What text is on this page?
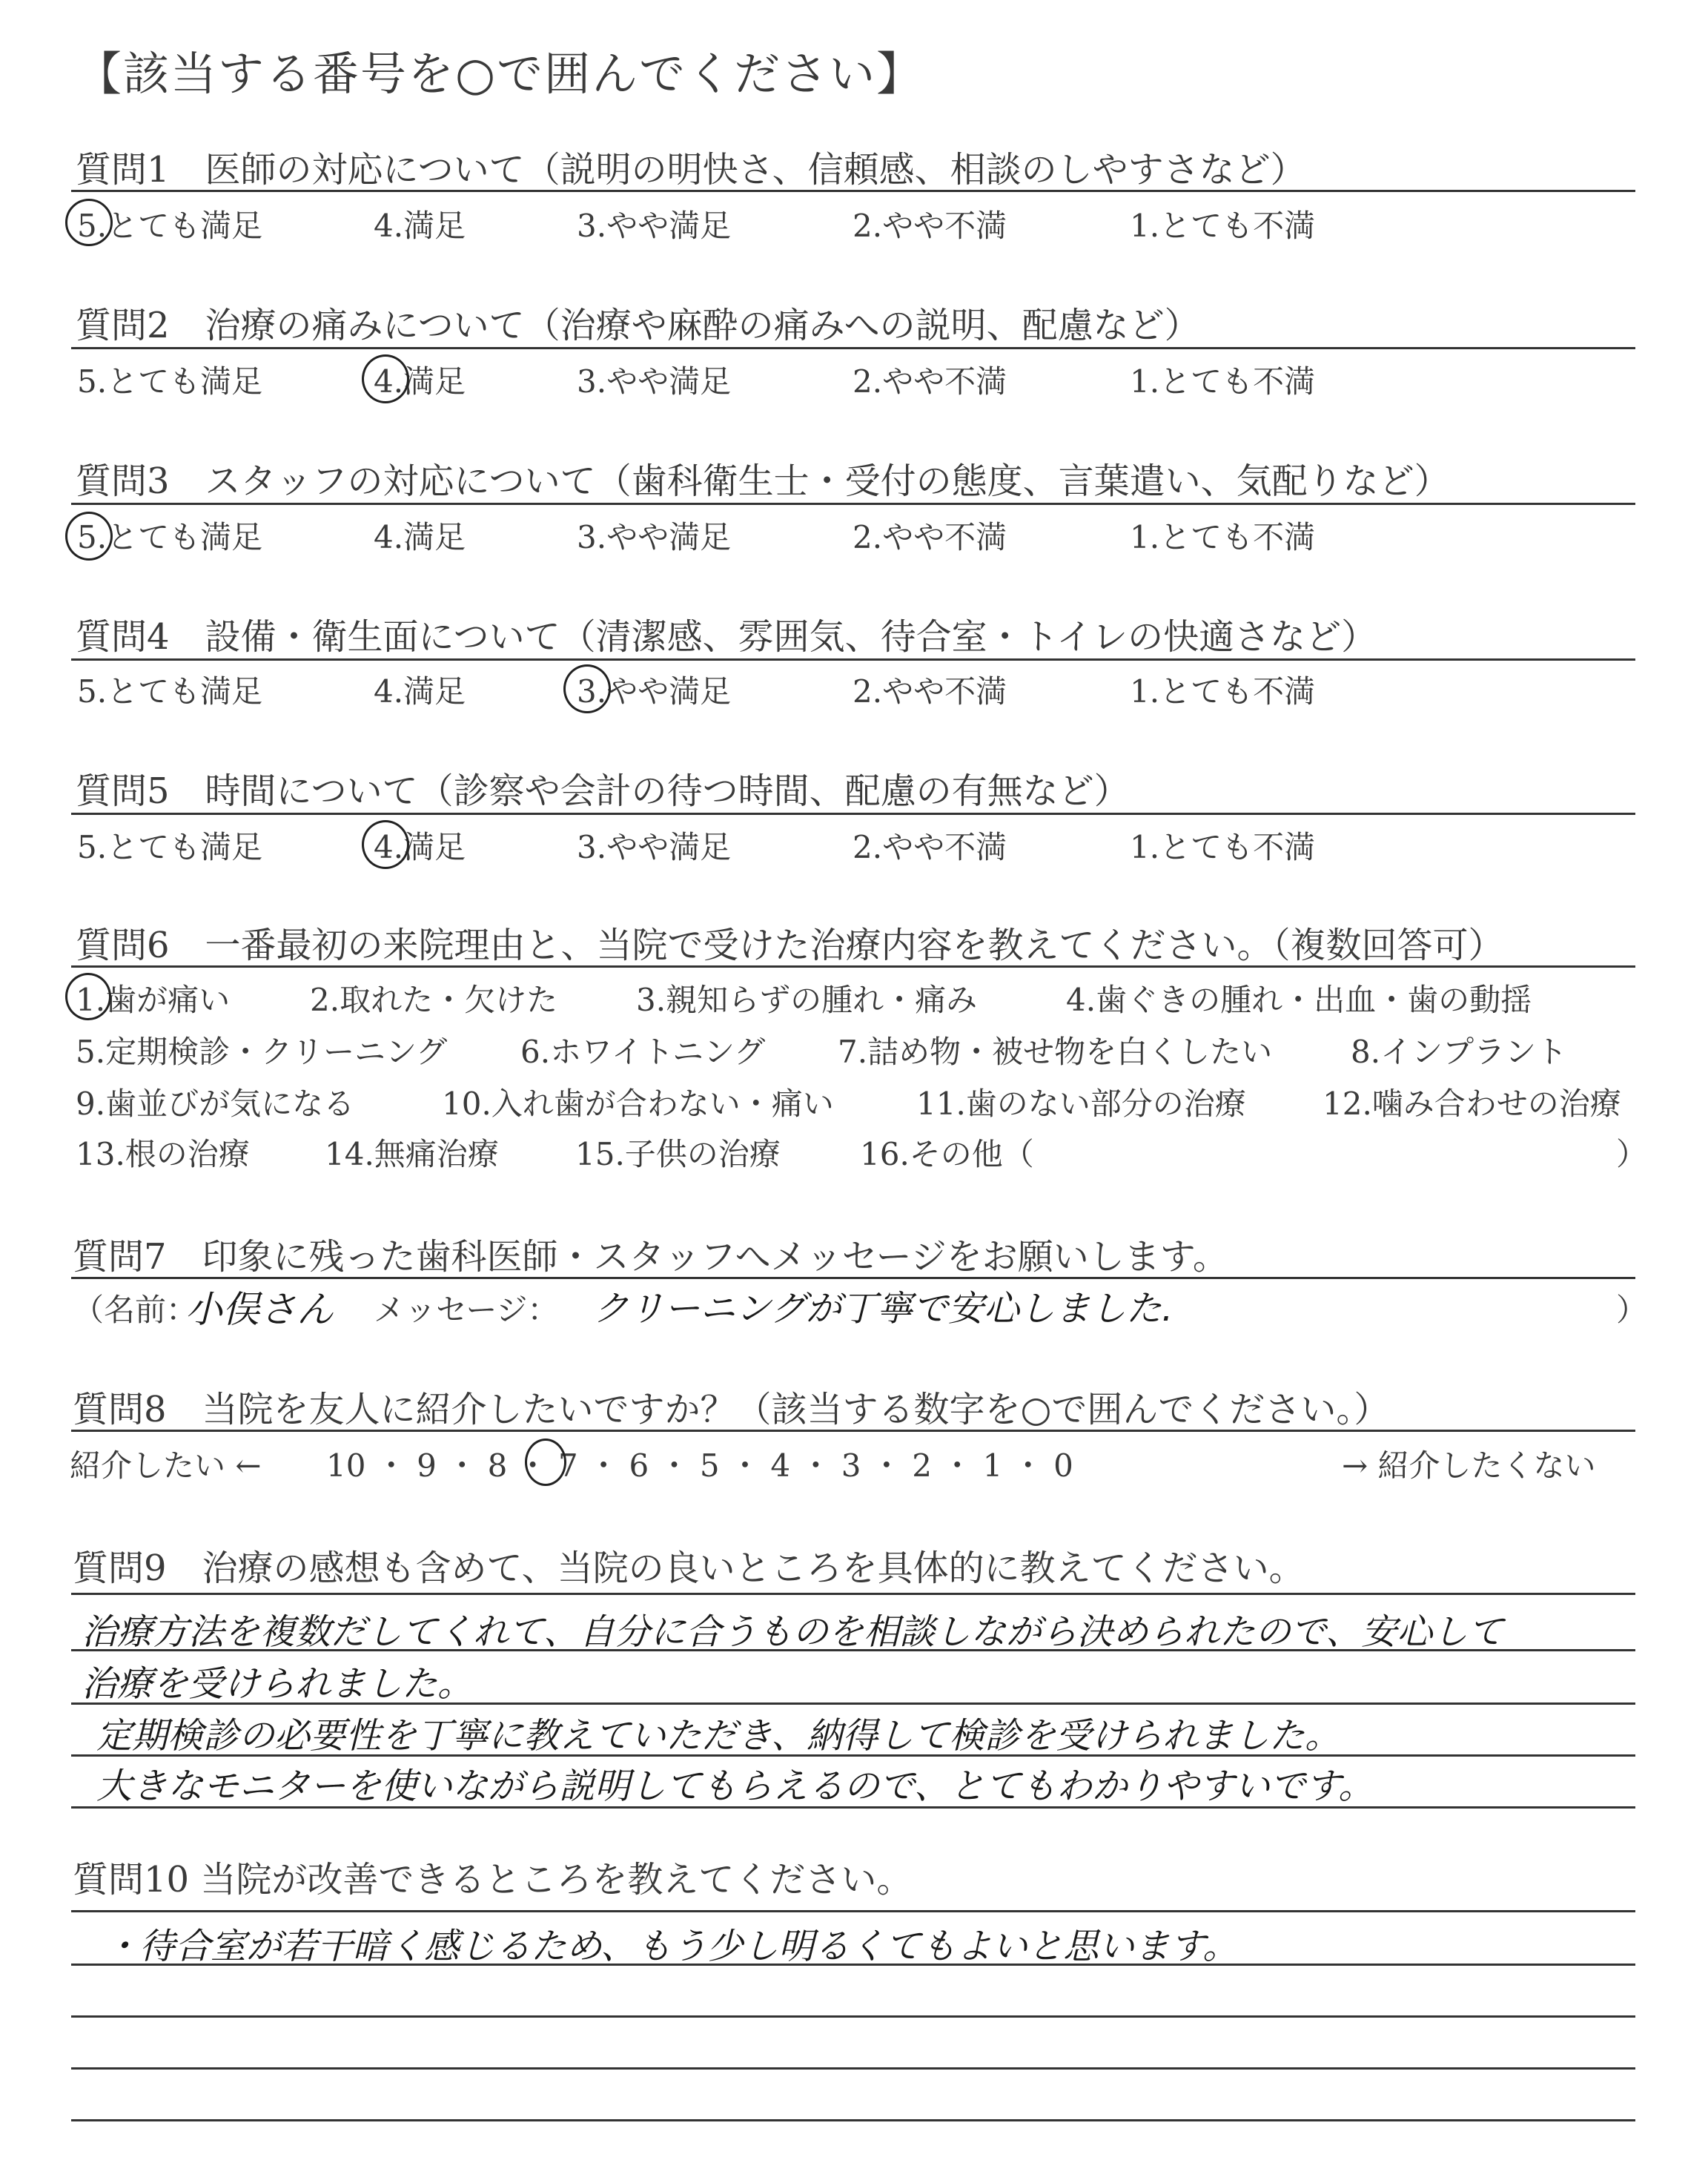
【該当する番号を○で囲んでください】
質問1　医師の対応について（説明の明快さ、信頼感、相談のしやすさなど）
5.とても満足	4.満足	3.やや満足	2.やや不満	1.とても不満
質問2　治療の痛みについて（治療や麻酔の痛みへの説明、配慮など）
5.とても満足	4.満足	3.やや満足	2.やや不満	1.とても不満
質問3　スタッフの対応について（歯科衛生士・受付の態度、言葉遣い、気配りなど）
5.とても満足	4.満足	3.やや満足	2.やや不満	1.とても不満
質問4　設備・衛生面について（清潔感、雰囲気、待合室・トイレの快適さなど）
5.とても満足	4.満足	3.やや満足	2.やや不満	1.とても不満
質問5　時間について（診察や会計の待つ時間、配慮の有無など）
5.とても満足	4.満足	3.やや満足	2.やや不満	1.とても不満
質問6　一番最初の来院理由と、当院で受けた治療内容を教えてください。（複数回答可）
1.歯が痛い	2.取れた・欠けた	3.親知らずの腫れ・痛み	4.歯ぐきの腫れ・出血・歯の動揺
5.定期検診・クリーニング 6.ホワイトニング 7.詰め物・被せ物を白くしたい	8.インプラント
9.歯並びが気になる	10.入れ歯が合わない・痛い	11.歯のない部分の治療 12.噛み合わせの治療
13.根の治療 14.無痛治療 15.子供の治療	16.その他（	）
質問7　印象に残った歯科医師・スタッフへメッセージをお願いします。
（名前：
小俣さん メッセージ： クリーニングが丁寧で安心しました.	）
質問8　当院を友人に紹介したいですか？（該当する数字を○で囲んでください。）
紹介したい ← 10 ・ 9 ・ 8 ・ 7 ・ 6 ・ 5 ・ 4 ・ 3 ・ 2 ・ 1 ・ 0	→ 紹介したくない
質問9　治療の感想も含めて、当院の良いところを具体的に教えてください。
治療方法を複数だしてくれて、自分に合うものを相談しながら決められたので、安心して
治療を受けられました。
定期検診の必要性を丁寧に教えていただき、納得して検診を受けられました。
大きなモニターを使いながら説明してもらえるので、とてもわかりやすいです。
質問10 当院が改善できるところを教えてください。
・待合室が若干暗く感じるため、もう少し明るくてもよいと思います。
